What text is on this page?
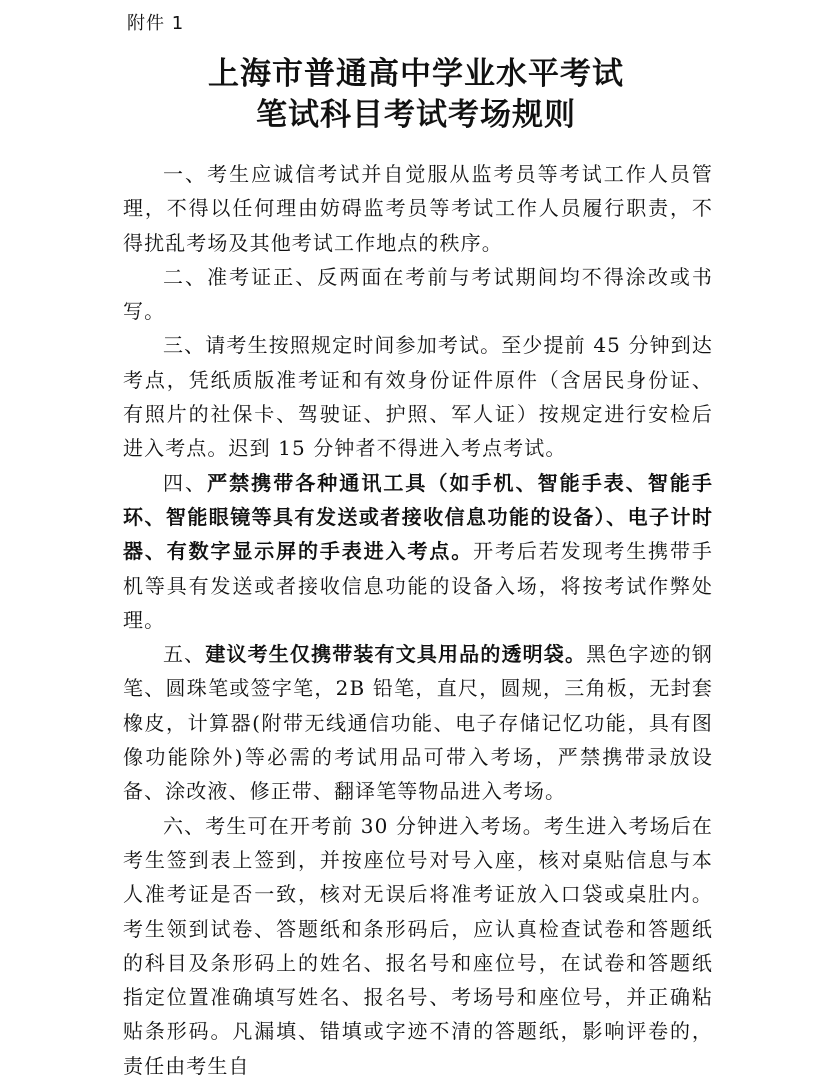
附件 1
上海市普通高中学业水平考试
笔试科目考试考场规则

一、考生应诚信考试并自觉服从监考员等考试工作人员管理，不得以任何理由妨碍监考员等考试工作人员履行职责，不得扰乱考场及其他考试工作地点的秩序。

二、准考证正、反两面在考前与考试期间均不得涂改或书写。

三、请考生按照规定时间参加考试。至少提前 45 分钟到达考点，凭纸质版准考证和有效身份证件原件（含居民身份证、有照片的社保卡、驾驶证、护照、军人证）按规定进行安检后进入考点。迟到 15 分钟者不得进入考点考试。

四、严禁携带各种通讯工具（如手机、智能手表、智能手环、智能眼镜等具有发送或者接收信息功能的设备）、电子计时器、有数字显示屏的手表进入考点。开考后若发现考生携带手机等具有发送或者接收信息功能的设备入场，将按考试作弊处理。

五、建议考生仅携带装有文具用品的透明袋。黑色字迹的钢笔、圆珠笔或签字笔，2B 铅笔，直尺，圆规，三角板，无封套橡皮，计算器(附带无线通信功能、电子存储记忆功能，具有图像功能除外)等必需的考试用品可带入考场，严禁携带录放设备、涂改液、修正带、翻译笔等物品进入考场。

六、考生可在开考前 30 分钟进入考场。考生进入考场后在考生签到表上签到，并按座位号对号入座，核对桌贴信息与本人准考证是否一致，核对无误后将准考证放入口袋或桌肚内。考生领到试卷、答题纸和条形码后，应认真检查试卷和答题纸的科目及条形码上的姓名、报名号和座位号，在试卷和答题纸指定位置准确填写姓名、报名号、考场号和座位号，并正确粘贴条形码。凡漏填、错填或字迹不清的答题纸，影响评卷的，责任由考生自
